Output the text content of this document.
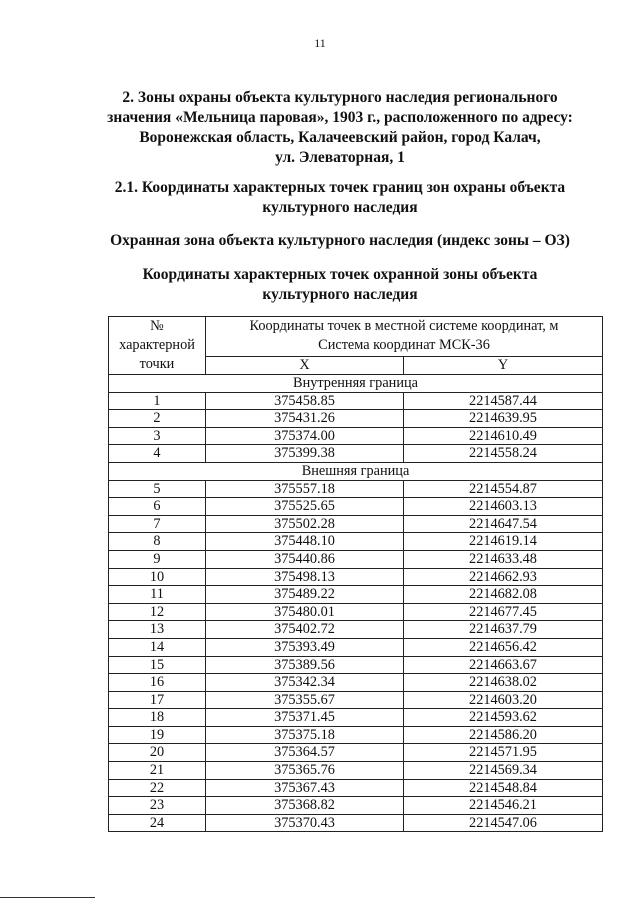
11
2. Зоны охраны объекта культурного наследия регионального
значения «Мельница паровая», 1903 г., расположенного по адресу:
Воронежская область, Калачеевский район, город Калач,
ул. Элеваторная, 1
2.1. Координаты характерных точек границ зон охраны объекта
культурного наследия
Охранная зона объекта культурного наследия (индекс зоны – ОЗ)
Координаты характерных точек охранной зоны объекта
культурного наследия
№ характерной точки	Координаты точек в местной системе координат, м
Система координат МСК-36	

	X	Y
Внутренняя граница		
1	375458.85	2214587.44
2	375431.26	2214639.95
3	375374.00	2214610.49
4	375399.38	2214558.24
Внешняя граница		
5	375557.18	2214554.87
6	375525.65	2214603.13
7	375502.28	2214647.54
8	375448.10	2214619.14
9	375440.86	2214633.48
10	375498.13	2214662.93
11	375489.22	2214682.08
12	375480.01	2214677.45
13	375402.72	2214637.79
14	375393.49	2214656.42
15	375389.56	2214663.67
16	375342.34	2214638.02
17	375355.67	2214603.20
18	375371.45	2214593.62
19	375375.18	2214586.20
20	375364.57	2214571.95
21	375365.76	2214569.34
22	375367.43	2214548.84
23	375368.82	2214546.21
24	375370.43	2214547.06
